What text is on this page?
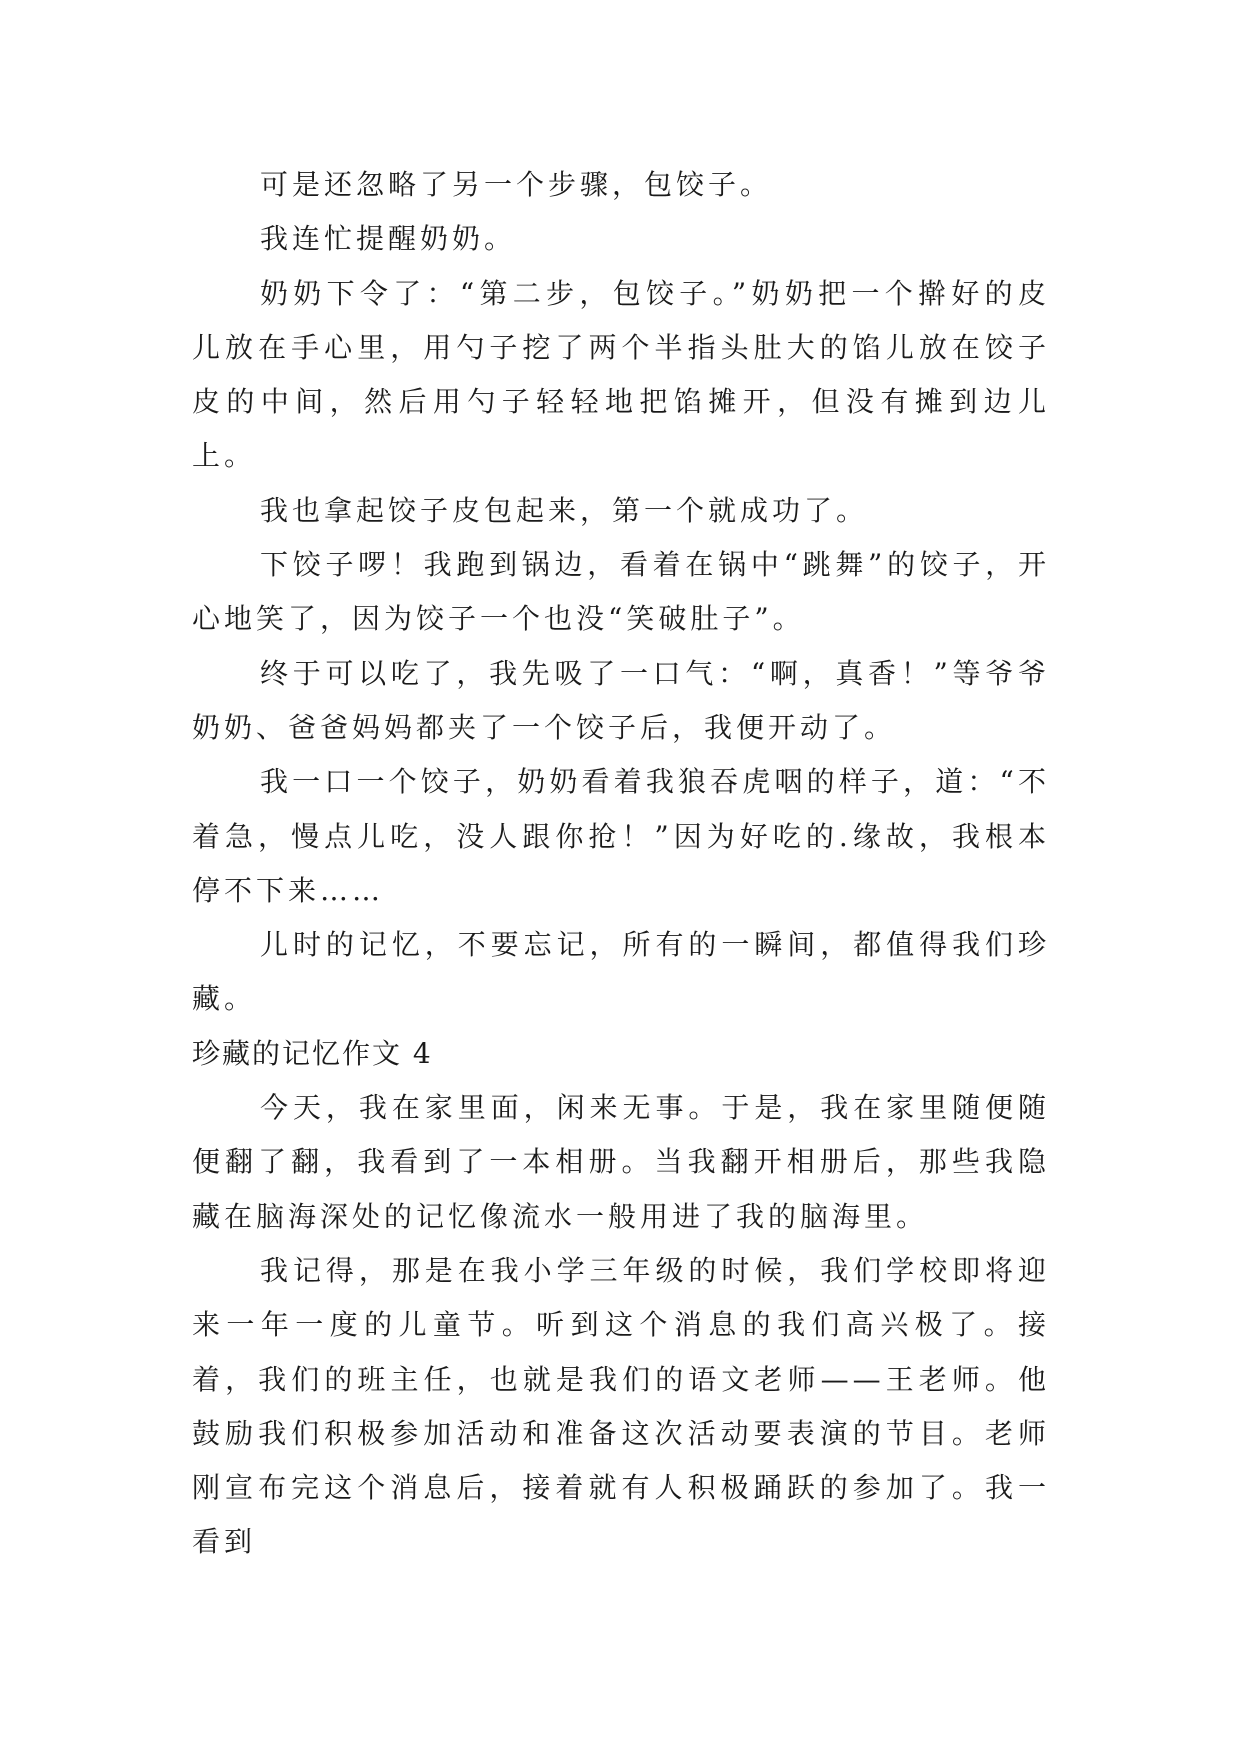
可是还忽略了另一个步骤，包饺子。

我连忙提醒奶奶。

奶奶下令了：“第二步，包饺子。”奶奶把一个擀好的皮儿放在手心里，用勺子挖了两个半指头肚大的馅儿放在饺子皮的中间，然后用勺子轻轻地把馅摊开，但没有摊到边儿上。

我也拿起饺子皮包起来，第一个就成功了。

下饺子啰！我跑到锅边，看着在锅中“跳舞”的饺子，开心地笑了，因为饺子一个也没“笑破肚子”。

终于可以吃了，我先吸了一口气：“啊，真香！”等爷爷奶奶、爸爸妈妈都夹了一个饺子后，我便开动了。

我一口一个饺子，奶奶看着我狼吞虎咽的样子，道：“不着急，慢点儿吃，没人跟你抢！”因为好吃的.缘故，我根本停不下来……

儿时的记忆，不要忘记，所有的一瞬间，都值得我们珍藏。

珍藏的记忆作文 4

今天，我在家里面，闲来无事。于是，我在家里随便随便翻了翻，我看到了一本相册。当我翻开相册后，那些我隐藏在脑海深处的记忆像流水一般用进了我的脑海里。

我记得，那是在我小学三年级的时候，我们学校即将迎来一年一度的儿童节。听到这个消息的我们高兴极了。接着，我们的班主任，也就是我们的语文老师——王老师。他鼓励我们积极参加活动和准备这次活动要表演的节目。老师刚宣布完这个消息后，接着就有人积极踊跃的参加了。我一看到
